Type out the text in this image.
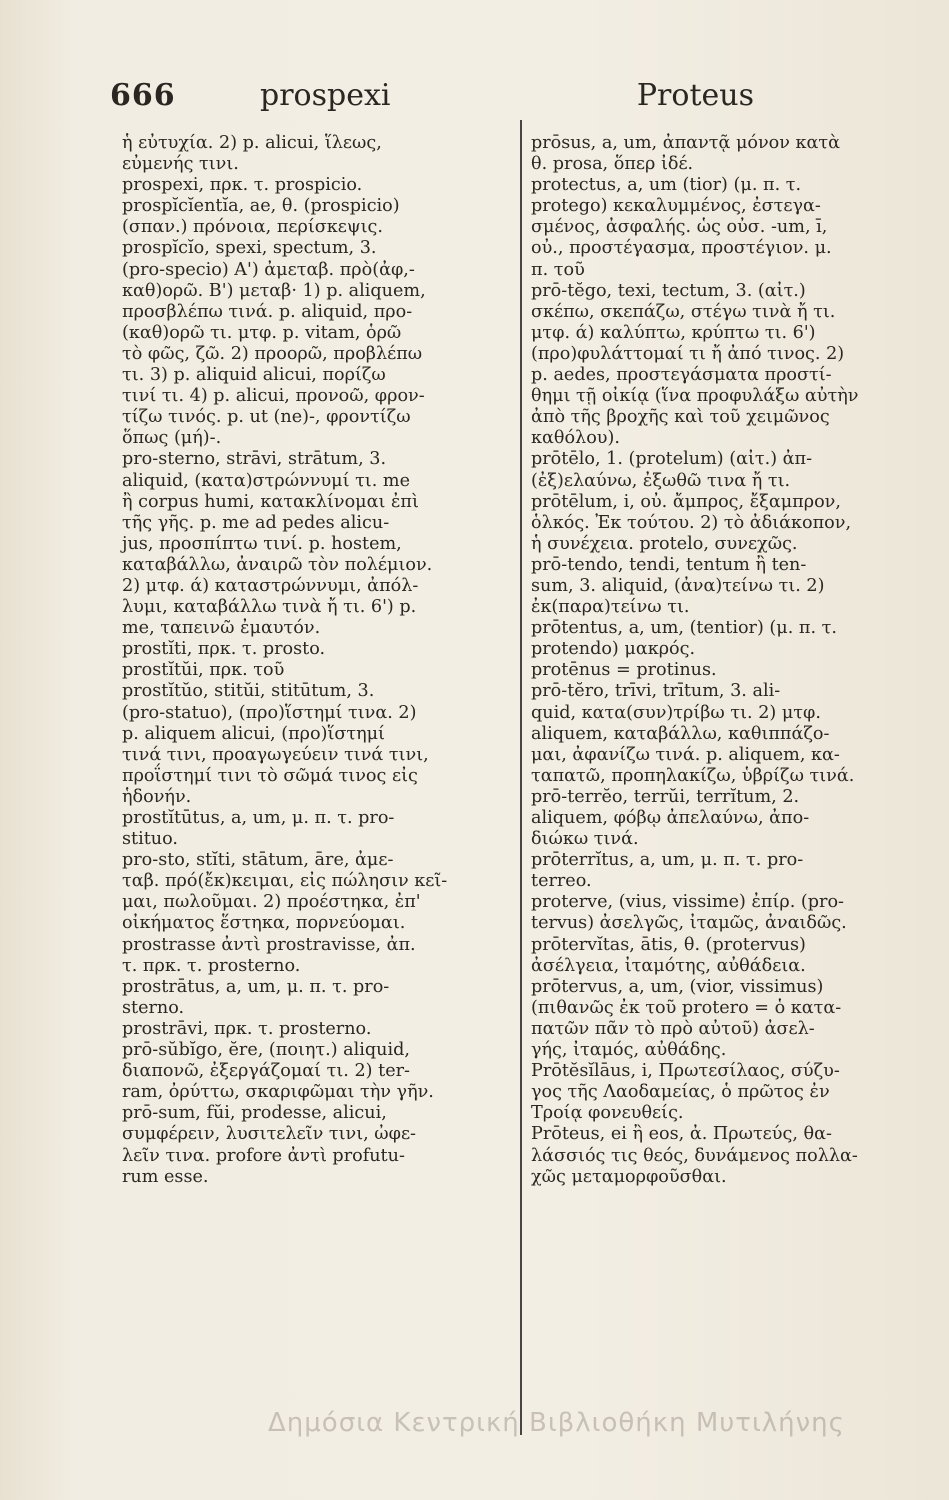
666	prospexi	Proteus
ἡ εὐτυχία. 2) p. alicui, ἵλεως,
εὐμενής τινι.
prospexi, πρκ. τ. prospicio.
prospĭcĭentĭa, ae, θ. (prospicio)
(σπαν.) πρόνοια, περίσκεψις.
prospĭcĭo, spexi, spectum, 3.
(pro-specio) Α') ἀμεταβ. πρὸ(ἀφ,-
καθ)ορῶ. Β') μεταβ· 1) p. aliquem,
προσβλέπω τινά. p. aliquid, προ-
(καθ)ορῶ τι. μτφ. p. vitam, ὁρῶ
τὸ φῶς, ζῶ. 2) προορῶ, προβλέπω
τι. 3) p. aliquid alicui, πορίζω
τινί τι. 4) p. alicui, προνοῶ, φρον-
τίζω τινός. p. ut (ne)-, φροντίζω
ὅπως (μή)-.
pro-sterno, strāvi, strātum, 3.
aliquid, (κατα)στρώννυμί τι. me
ἢ corpus humi, κατακλίνομαι ἐπὶ
τῆς γῆς. p. me ad pedes alicu-
jus, προσπίπτω τινί. p. hostem,
καταβάλλω, ἀναιρῶ τὸν πολέμιον.
2) μτφ. ά) καταστρώννυμι, ἀπόλ-
λυμι, καταβάλλω τινὰ ἤ τι. 6') p.
me, ταπεινῶ ἐμαυτόν.
prostĭti, πρκ. τ. prosto.
prostĭtŭi, πρκ. τοῦ
prostĭtŭo, stitŭi, stitūtum, 3.
(pro-statuo), (προ)ἵστημί τινα. 2)
p. aliquem alicui, (προ)ἵστημί
τινά τινι, προαγωγεύειν τινά τινι,
προΐστημί τινι τὸ σῶμά τινος εἰς
ἡδονήν.
prostĭtūtus, a, um, μ. π. τ. pro-
stituo.
pro-sto, stĭti, stātum, āre, ἀμε-
ταβ. πρό(ἔκ)κειμαι, εἰς πώλησιν κεῖ-
μαι, πωλοῦμαι. 2) προέστηκα, ἐπ'
οἰκήματος ἕστηκα, πορνεύομαι.
prostrasse ἀντὶ prostravisse, ἀπ.
τ. πρκ. τ. prosterno.
prostrātus, a, um, μ. π. τ. pro-
sterno.
prostrāvi, πρκ. τ. prosterno.
prō-sŭbĭgo, ĕre, (ποιητ.) aliquid,
διαπονῶ, ἐξεργάζομαί τι. 2) ter-
ram, ὀρύττω, σκαριφῶμαι τὴν γῆν.
prō-sum, fŭi, prodesse, alicui,
συμφέρειν, λυσιτελεῖν τινι, ὠφε-
λεῖν τινα. profore ἀντὶ profutu-
rum esse.
prōsus, a, um, ἀπαντᾷ μόνον κατὰ
θ. prosa, ὅπερ ἰδέ.
protectus, a, um (tior) (μ. π. τ.
protego) κεκαλυμμένος, ἐστεγα-
σμένος, ἀσφαλής. ὡς οὐσ. -um, ī,
οὐ., προστέγασμα, προστέγιον. μ.
π. τοῦ
prō-tĕgo, texi, tectum, 3. (αἰτ.)
σκέπω, σκεπάζω, στέγω τινὰ ἤ τι.
μτφ. ά) καλύπτω, κρύπτω τι. 6')
(προ)φυλάττομαί τι ἤ ἀπό τινος. 2)
p. aedes, προστεγάσματα προστί-
θημι τῇ οἰκίᾳ (ἵνα προφυλάξω αὐτὴν
ἀπὸ τῆς βροχῆς καὶ τοῦ χειμῶνος
καθόλου).
prōtēlo, 1. (protelum) (αἰτ.) ἀπ-
(ἐξ)ελαύνω, ἐξωθῶ τινα ἤ τι.
prōtēlum, i, οὐ. ἄμπρος, ἔξαμπρον,
ὁλκός. Ἐκ τούτου. 2) τὸ ἀδιάκοπον,
ἡ συνέχεια. protelo, συνεχῶς.
prō-tendo, tendi, tentum ἢ ten-
sum, 3. aliquid, (ἀνα)τείνω τι. 2)
ἐκ(παρα)τείνω τι.
prōtentus, a, um, (tentior) (μ. π. τ.
protendo) μακρός.
protēnus = protinus.
prō-tĕro, trīvi, trītum, 3. ali-
quid, κατα(συν)τρίβω τι. 2) μτφ.
aliquem, καταβάλλω, καθιππάζο-
μαι, ἀφανίζω τινά. p. aliquem, κα-
ταπατῶ, προπηλακίζω, ὑβρίζω τινά.
prō-terrĕo, terrŭi, terrĭtum, 2.
aliquem, φόβῳ ἀπελαύνω, ἀπο-
διώκω τινά.
prōterrĭtus, a, um, μ. π. τ. pro-
terreo.
proterve, (vius, vissime) ἐπίρ. (pro-
tervus) ἀσελγῶς, ἰταμῶς, ἀναιδῶς.
prōtervĭtas, ātis, θ. (protervus)
ἀσέλγεια, ἰταμότης, αὐθάδεια.
prōtervus, a, um, (vior, vissimus)
(πιθανῶς ἐκ τοῦ protero = ὁ κατα-
πατῶν πᾶν τὸ πρὸ αὐτοῦ) ἀσελ-
γής, ἰταμός, αὐθάδης.
Prōtĕsĭlāus, i, Πρωτεσίλαος, σύζυ-
γος τῆς Λαοδαμείας, ὁ πρῶτος ἐν
Τροίᾳ φονευθείς.
Prōteus, ei ἢ eos, ἀ. Πρωτεύς, θα-
λάσσιός τις θεός, δυνάμενος πολλα-
χῶς μεταμορφοῦσθαι.
Δημόσια Κεντρική Βιβλιοθήκη Μυτιλήνης
